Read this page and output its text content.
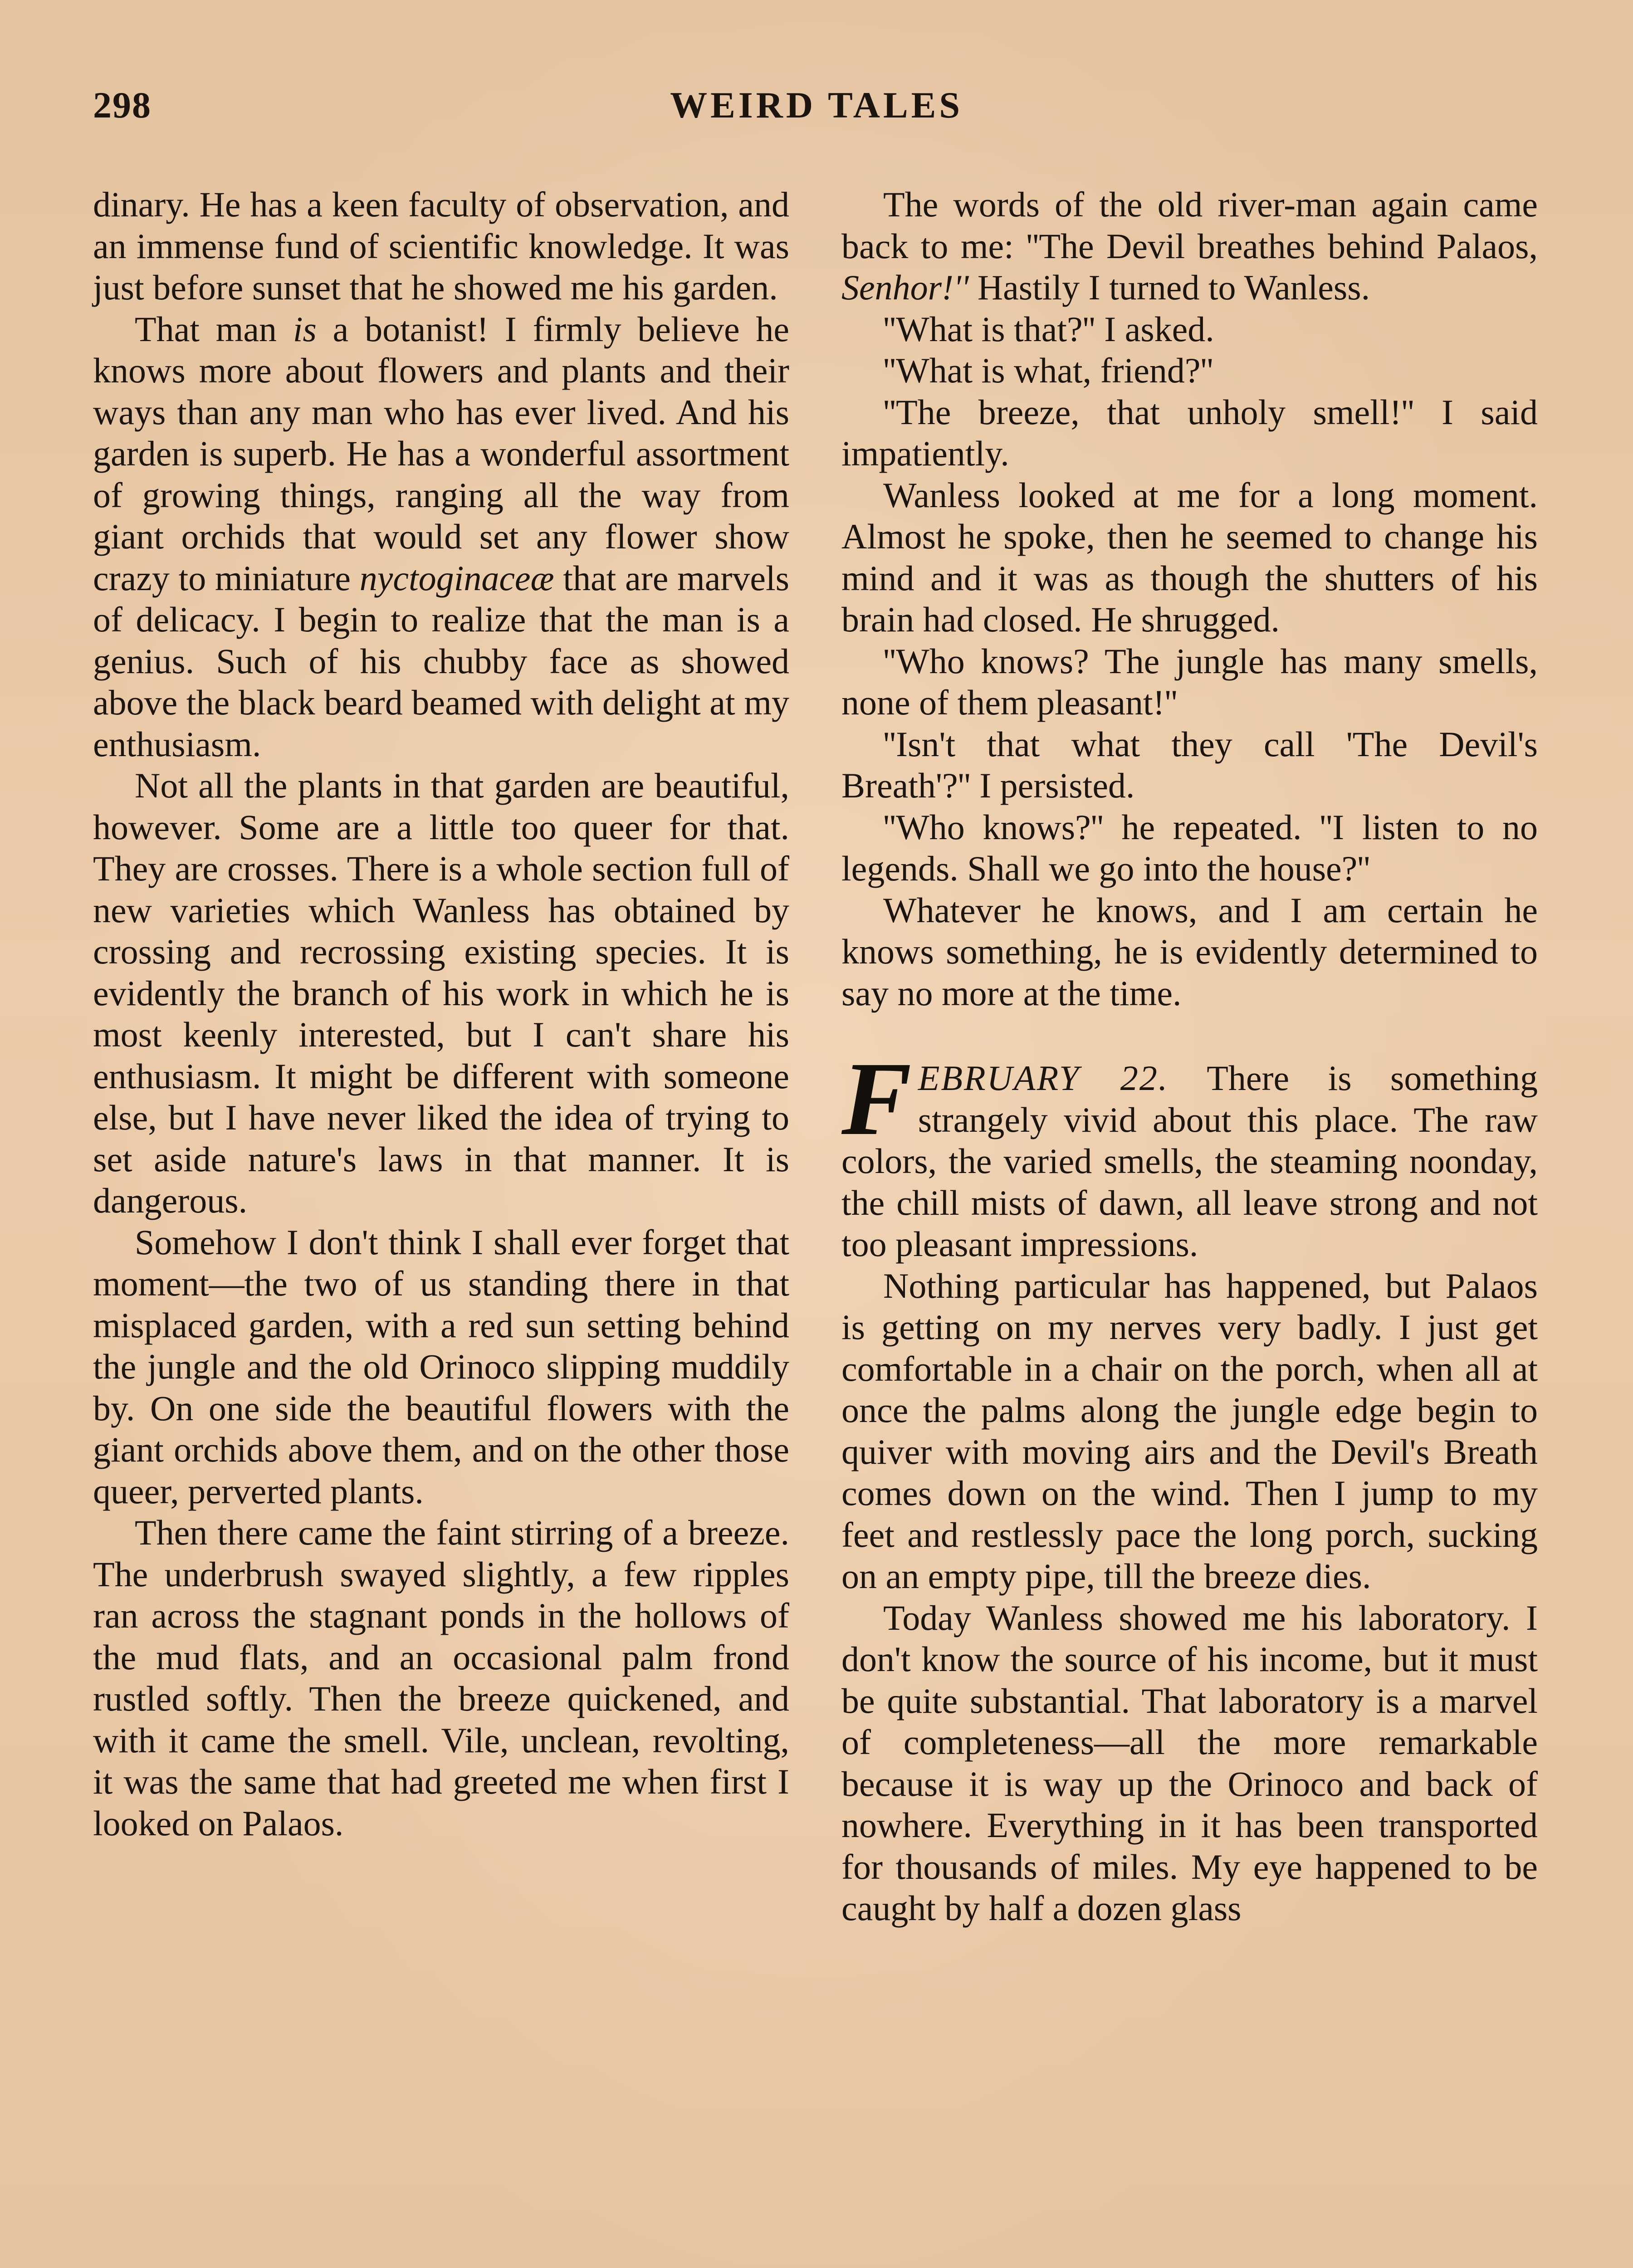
298	WEIRD TALES

dinary. He has a keen faculty of observation, and an immense fund of scientific knowledge. It was just before sunset that he showed me his garden.

That man is a botanist! I firmly believe he knows more about flowers and plants and their ways than any man who has ever lived. And his garden is superb. He has a wonderful assortment of growing things, ranging all the way from giant orchids that would set any flower show crazy to miniature nyctoginaceæ that are marvels of delicacy. I begin to realize that the man is a genius. Such of his chubby face as showed above the black beard beamed with delight at my enthusiasm.

Not all the plants in that garden are beautiful, however. Some are a little too queer for that. They are crosses. There is a whole section full of new varieties which Wanless has obtained by crossing and recrossing existing species. It is evidently the branch of his work in which he is most keenly interested, but I can't share his enthusiasm. It might be different with someone else, but I have never liked the idea of trying to set aside nature's laws in that manner. It is dangerous.

Somehow I don't think I shall ever forget that moment—the two of us standing there in that misplaced garden, with a red sun setting behind the jungle and the old Orinoco slipping muddily by. On one side the beautiful flowers with the giant orchids above them, and on the other those queer, perverted plants.

Then there came the faint stirring of a breeze. The underbrush swayed slightly, a few ripples ran across the stagnant ponds in the hollows of the mud flats, and an occasional palm frond rustled softly. Then the breeze quickened, and with it came the smell. Vile, unclean, revolting, it was the same that had greeted me when first I looked on Palaos.

The words of the old river-man again came back to me: ''The Devil breathes behind Palaos, Senhor!'' Hastily I turned to Wanless.

''What is that?'' I asked.

''What is what, friend?''

''The breeze, that unholy smell!'' I said impatiently.

Wanless looked at me for a long moment. Almost he spoke, then he seemed to change his mind and it was as though the shutters of his brain had closed. He shrugged.

''Who knows? The jungle has many smells, none of them pleasant!''

''Isn't that what they call 'The Devil's Breath'?'' I persisted.

''Who knows?'' he repeated. ''I listen to no legends. Shall we go into the house?''

Whatever he knows, and I am certain he knows something, he is evidently determined to say no more at the time.

FEBRUARY 22. There is something strangely vivid about this place. The raw colors, the varied smells, the steaming noonday, the chill mists of dawn, all leave strong and not too pleasant impressions.

Nothing particular has happened, but Palaos is getting on my nerves very badly. I just get comfortable in a chair on the porch, when all at once the palms along the jungle edge begin to quiver with moving airs and the Devil's Breath comes down on the wind. Then I jump to my feet and restlessly pace the long porch, sucking on an empty pipe, till the breeze dies.

Today Wanless showed me his laboratory. I don't know the source of his income, but it must be quite substantial. That laboratory is a marvel of completeness—all the more remarkable because it is way up the Orinoco and back of nowhere. Everything in it has been transported for thousands of miles. My eye happened to be caught by half a dozen glass
